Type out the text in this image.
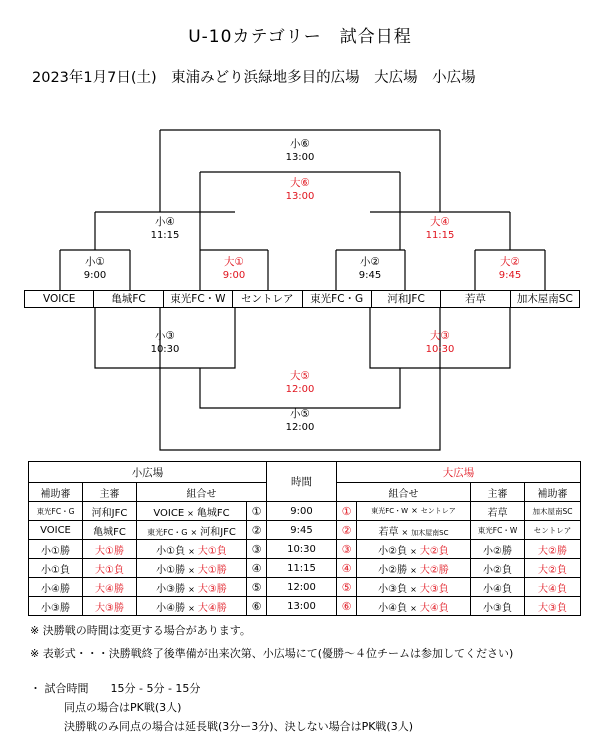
U-10カテゴリー　試合日程
2023年1月7日(土)　東浦みどり浜緑地多目的広場　大広場　小広場
小⑥
13:00
大⑥
13:00
小④
11:15
大④
11:15
小①
9:00
大①
9:00
小②
9:45
大②
9:45
VOICE	亀城FC	東光FC・W	セントレア	東光FC・G	河和JFC	若草	加木屋南SC
小③
10:30
大③
10:30
大⑤
12:00
小⑤
12:00
小広場				時間	大広場			
補助審	主審	組合せ			組合せ		主審	補助審
東光FC・G	河和JFC	VOICE × 亀城FC	①	9:00	①	東光FC・W × セントレア	若草	加木屋南SC
VOICE	亀城FC	東光FC・G × 河和JFC	②	9:45	②	若草 × 加木屋南SC	東光FC・W	セントレア
小①勝	大①勝	小①負 × 大①負	③	10:30	③	小②負 × 大②負	小②勝	大②勝
小①負	大①負	小①勝 × 大①勝	④	11:15	④	小②勝 × 大②勝	小②負	大②負
小④勝	大④勝	小③勝 × 大③勝	⑤	12:00	⑤	小③負 × 大③負	小④負	大④負
小③勝	大③勝	小④勝 × 大④勝	⑥	13:00	⑥	小④負 × 大④負	小③負	大③負
※ 決勝戦の時間は変更する場合があります。
※ 表彰式・・・決勝戦終了後準備が出来次第、小広場にて(優勝～４位チームは参加してください)
・ 試合時間　　15分 - 5分 - 15分
同点の場合はPK戦(3人)
決勝戦のみ同点の場合は延長戦(3分ー3分)、決しない場合はPK戦(3人)
